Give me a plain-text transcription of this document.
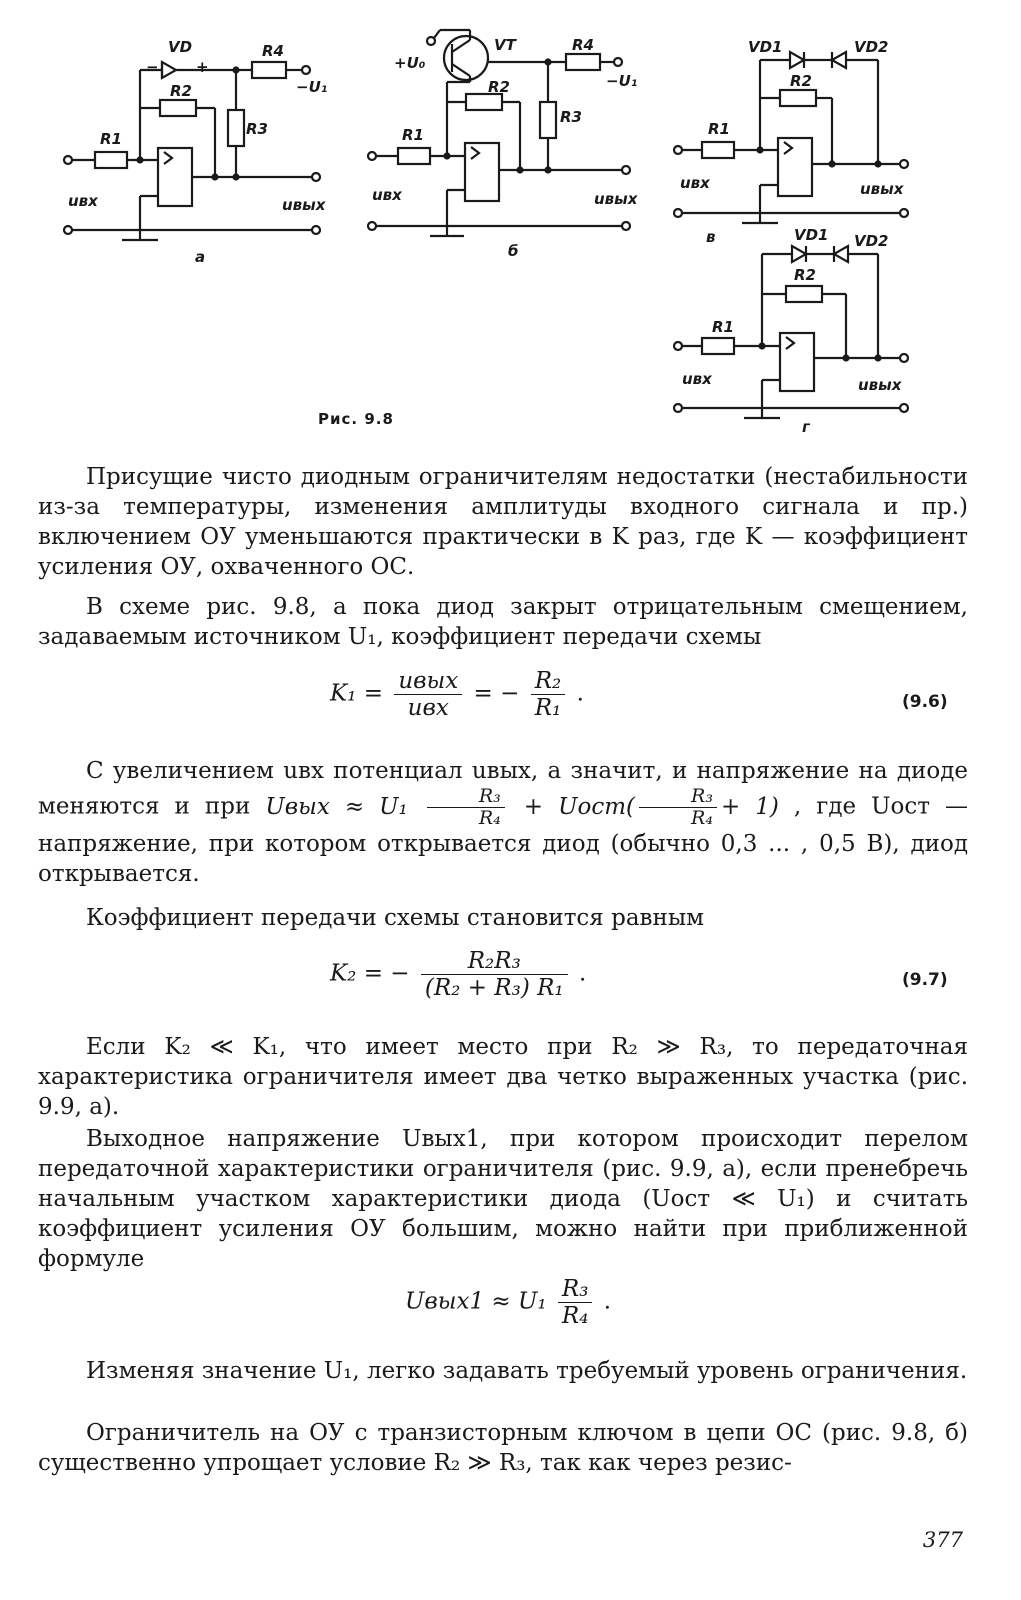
VD
− +
R4
−U₁
R2
R3
R1
uвх	uвых
а
+U₀
VT	R4
−U₁
R2
R3
R1
uвх	uвых
б
VD1	VD2
R2
R1
uвх	uвых
в	VD1 VD2
R2
R1
uвх	uвых
г
Рис. 9.8

Присущие чисто диодным ограничителям недостатки (нестабильности из-за температуры, изменения амплитуды входного сигнала и пр.) включением ОУ уменьшаются практически в K раз, где K — коэффициент усиления ОУ, охваченного ОС.

В схеме рис. 9.8, а пока диод закрыт отрицательным смещением, задаваемым источником U₁, коэффициент передачи схемы

$K_1 = \frac{\text{uвых}}{\text{uвх}}$ = − $\frac{\text{R₂}}{\text{R₁}}$ .	(9.6)

С увеличением uвх потенциал uвых, а значит, и напряжение на диоде меняются и при Uвых ≈ $U_1 \frac{\text{R₃}}{\text{R₄}}$ + Uост( $\frac{\text{R₃}}{\text{R₄}} + 1$) , где Uост — напряжение, при котором открывается диод (обычно 0,3 ... , 0,5 В), диод открывается.

Коэффициент передачи схемы становится равным

K₂ = − $\frac{\text{R₂R₃}}{\text{(R₂ + R₃) R₁}}$ .	(9.7)

Если K₂ ≪ K₁, что имеет место при R₂ ≫ R₃, то передаточная характеристика ограничителя имеет два четко выраженных участка (рис. 9.9, а).

Выходное напряжение Uвых1, при котором происходит перелом передаточной характеристики ограничителя (рис. 9.9, а), если пренебречь начальным участком характеристики диода (Uост ≪ U₁) и считать коэффициент усиления ОУ большим, можно найти при приближенной формуле

Uвых1 ≈ $U_1 \frac{\text{R₃}}{\text{R₄}}$ .

Изменяя значение U₁, легко задавать требуемый уровень ограничения.

Ограничитель на ОУ с транзисторным ключом в цепи ОС (рис. 9.8, б) существенно упрощает условие R₂ ≫ R₃, так как через резис-

377
